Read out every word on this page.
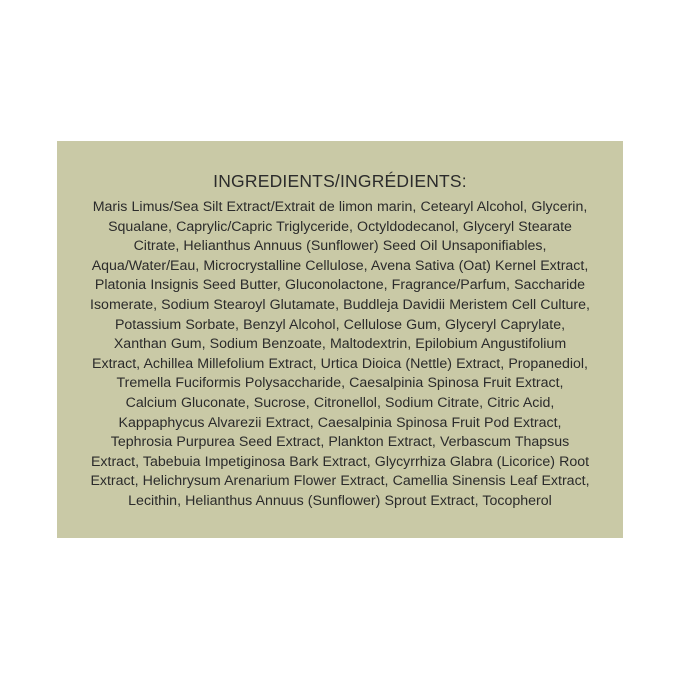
INGREDIENTS/INGRÉDIENTS:
Maris Limus/Sea Silt Extract/Extrait de limon marin, Cetearyl Alcohol, Glycerin, Squalane, Caprylic/Capric Triglyceride, Octyldodecanol, Glyceryl Stearate Citrate, Helianthus Annuus (Sunflower) Seed Oil Unsaponifiables, Aqua/Water/Eau, Microcrystalline Cellulose, Avena Sativa (Oat) Kernel Extract, Platonia Insignis Seed Butter, Gluconolactone, Fragrance/Parfum, Saccharide Isomerate, Sodium Stearoyl Glutamate, Buddleja Davidii Meristem Cell Culture, Potassium Sorbate, Benzyl Alcohol, Cellulose Gum, Glyceryl Caprylate, Xanthan Gum, Sodium Benzoate, Maltodextrin, Epilobium Angustifolium Extract, Achillea Millefolium Extract, Urtica Dioica (Nettle) Extract, Propanediol, Tremella Fuciformis Polysaccharide, Caesalpinia Spinosa Fruit Extract, Calcium Gluconate, Sucrose, Citronellol, Sodium Citrate, Citric Acid, Kappaphycus Alvarezii Extract, Caesalpinia Spinosa Fruit Pod Extract, Tephrosia Purpurea Seed Extract, Plankton Extract, Verbascum Thapsus Extract, Tabebuia Impetiginosa Bark Extract, Glycyrrhiza Glabra (Licorice) Root Extract, Helichrysum Arenarium Flower Extract, Camellia Sinensis Leaf Extract, Lecithin, Helianthus Annuus (Sunflower) Sprout Extract, Tocopherol
